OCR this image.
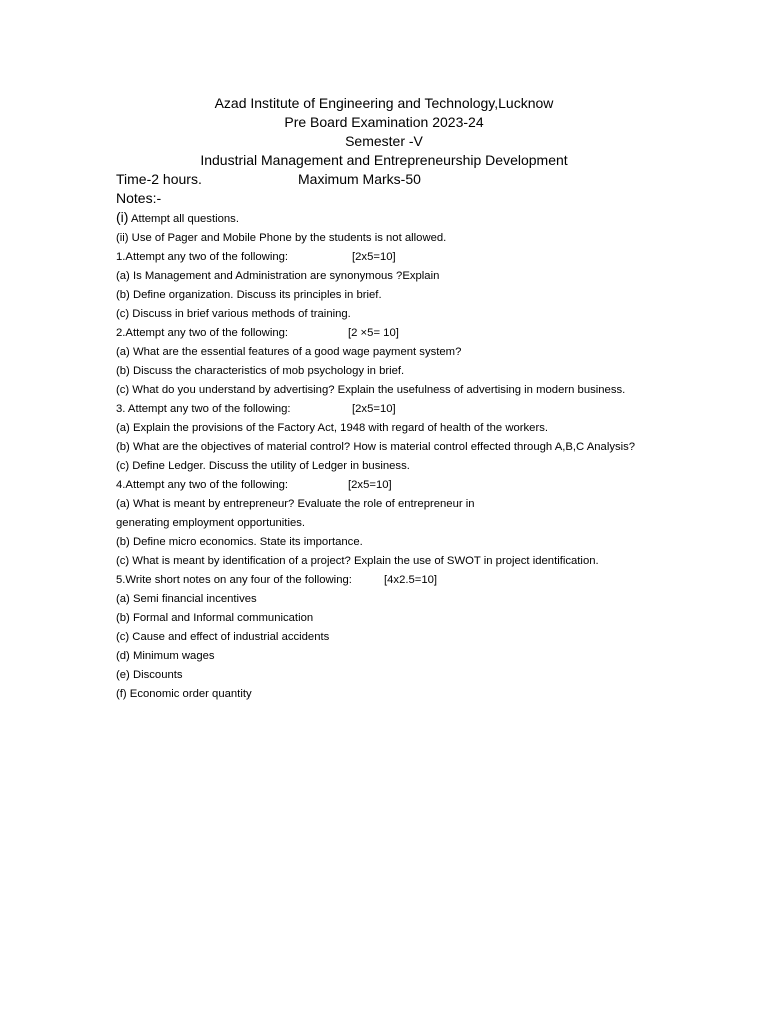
Azad Institute of Engineering and Technology,Lucknow
Pre Board Examination 2023-24
Semester -V
Industrial Management and Entrepreneurship Development
Time-2 hours.	Maximum Marks-50
Notes:-
(i) Attempt all questions.
(ii) Use of Pager and Mobile Phone by the students is not allowed.
1.Attempt any two of the following:	[2x5=10]
(a) Is Management and Administration are synonymous ?Explain
(b) Define organization. Discuss its principles in brief.
(c) Discuss in brief various methods of training.
2.Attempt any two of the following:	[2 ×5= 10]
(a) What are the essential features of a good wage payment system?
(b) Discuss the characteristics of mob psychology in brief.
(c) What do you understand by advertising? Explain the usefulness of advertising in modern business.
3. Attempt any two of the following:	[2x5=10]
(a) Explain the provisions of the Factory Act, 1948 with regard of health of the workers.
(b) What are the objectives of material control? How is material control effected through A,B,C Analysis?
(c) Define Ledger. Discuss the utility of Ledger in business.
4.Attempt any two of the following:	[2x5=10]
(a) What is meant by entrepreneur? Evaluate the role of entrepreneur in
generating employment opportunities.
(b) Define micro economics. State its importance.
(c) What is meant by identification of a project? Explain the use of SWOT in project identification.
5.Write short notes on any four of the following:	[4x2.5=10]
(a) Semi financial incentives
(b) Formal and Informal communication
(c) Cause and effect of industrial accidents
(d) Minimum wages
(e) Discounts
(f) Economic order quantity
